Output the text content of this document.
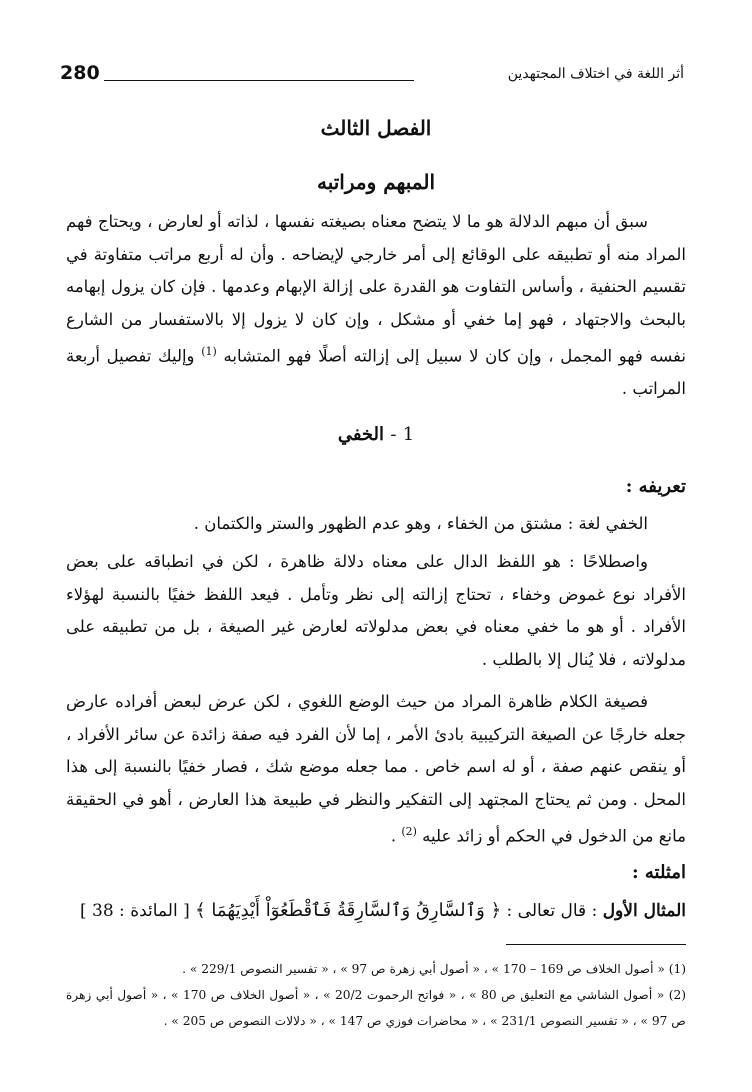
280	أثر اللغة في اختلاف المجتهدين
الفصل الثالث
المبهم ومراتبه

سبق أن مبهم الدلالة هو ما لا يتضح معناه بصيغته نفسها ، لذاته أو لعارض ، ويحتاج فهم المراد منه أو تطبيقه على الوقائع إلى أمر خارجي لإيضاحه . وأن له أربع مراتب متفاوتة في تقسيم الحنفية ، وأساس التفاوت هو القدرة على إزالة الإبهام وعدمها . فإن كان يزول إبهامه بالبحث والاجتهاد ، فهو إما خفي أو مشكل ، وإن كان لا يزول إلا بالاستفسار من الشارع نفسه فهو المجمل ، وإن كان لا سبيل إلى إزالته أصلًا فهو المتشابه $^{(1)}$ وإليك تفصيل أربعة المراتب .

1 - الخفي
تعريفه :

الخفي لغة : مشتق من الخفاء ، وهو عدم الظهور والستر والكتمان .

واصطلاحًا : هو اللفظ الدال على معناه دلالة ظاهرة ، لكن في انطباقه على بعض الأفراد نوع غموض وخفاء ، تحتاج إزالته إلى نظر وتأمل . فيعد اللفظ خفيًا بالنسبة لهؤلاء الأفراد . أو هو ما خفي معناه في بعض مدلولاته لعارض غير الصيغة ، بل من تطبيقه على مدلولاته ، فلا يُنال إلا بالطلب .

فصيغة الكلام ظاهرة المراد من حيث الوضع اللغوي ، لكن عرض لبعض أفراده عارض جعله خارجًا عن الصيغة التركيبية بادئ الأمر ، إما لأن الفرد فيه صفة زائدة عن سائر الأفراد ، أو ينقص عنهم صفة ، أو له اسم خاص . مما جعله موضع شك ، فصار خفيًا بالنسبة إلى هذا المحل . ومن ثم يحتاج المجتهد إلى التفكير والنظر في طبيعة هذا العارض ، أهو في الحقيقة مانع من الدخول في الحكم أو زائد عليه $^{(2)}$ .

امثلته :
المثال الأول : قال تعالى : ﴿ وَٱلسَّارِقُ وَٱلسَّارِقَةُ فَٱقْطَعُوٓاْ أَيْدِيَهُمَا ﴾ [ المائدة : 38 ]

(1) « أصول الخلاف ص 169 – 170 » ، « أصول أبي زهرة ص 97 » ، « تفسير النصوص 229/1 » .

(2) « أصول الشاشي مع التعليق ص 80 » ، « فواتح الرحموت 20/2 » ، « أصول الخلاف ص 170 » ، « أصول أبي زهرة ص 97 » ، « تفسير النصوص 231/1 » ، « محاضرات فوزي ص 147 » ، « دلالات النصوص ص 205 » .
